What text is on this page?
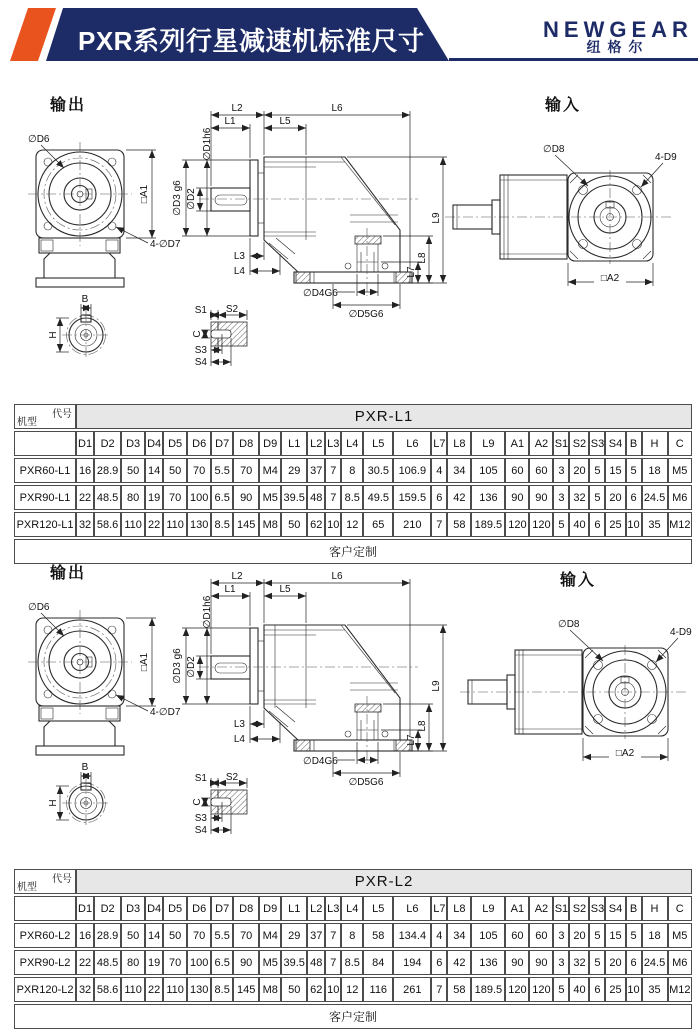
PXR系列行星减速机标准尺寸	NEWGEAR
纽格尔
输出
∅D6
□A1
4-∅D7
L1
L2
L5
L6
∅D1h6
∅D2
∅D3 g6
L3
L4
∅D4G6
∅D5G6
L7
L8
L9
输入
∅D8
4-D9
□A2
B
H
S1 S2
C
S3
S4
代号
机型	PXR-L1																										
	D1	D2	D3	D4	D5	D6	D7	D8	D9	L1	L2	L3	L4	L5	L6	L7	L8	L9	A1	A2	S1	S2	S3	S4	B	H	C
PXR60-L1	16	28.9	50	14	50	70	5.5	70	M4	29	37	7	8	30.5	106.9	4	34	105	60	60	3	20	5	15	5	18	M5
PXR90-L1	22	48.5	80	19	70	100	6.5	90	M5	39.5	48	7	8.5	49.5	159.5	6	42	136	90	90	3	32	5	20	6	24.5	M6
PXR120-L1	32	58.6	110	22	110	130	8.5	145	M8	50	62	10	12	65	210	7	58	189.5	120	120	5	40	6	25	10	35	M12
客户定制																											
输出
∅D6
□A1
4-∅D7
L1
L2
L5
L6
∅D1h6
∅D2
∅D3 g6
L3
L4
∅D4G6
∅D5G6
L7
L8
L9
输入
∅D8
4-D9
□A2
B
H
S1 S2
C
S3
S4
代号
机型	PXR-L2																										
	D1	D2	D3	D4	D5	D6	D7	D8	D9	L1	L2	L3	L4	L5	L6	L7	L8	L9	A1	A2	S1	S2	S3	S4	B	H	C
PXR60-L2	16	28.9	50	14	50	70	5.5	70	M4	29	37	7	8	58	134.4	4	34	105	60	60	3	20	5	15	5	18	M5
PXR90-L2	22	48.5	80	19	70	100	6.5	90	M5	39.5	48	7	8.5	84	194	6	42	136	90	90	3	32	5	20	6	24.5	M6
PXR120-L2	32	58.6	110	22	110	130	8.5	145	M8	50	62	10	12	116	261	7	58	189.5	120	120	5	40	6	25	10	35	M12
客户定制																											
